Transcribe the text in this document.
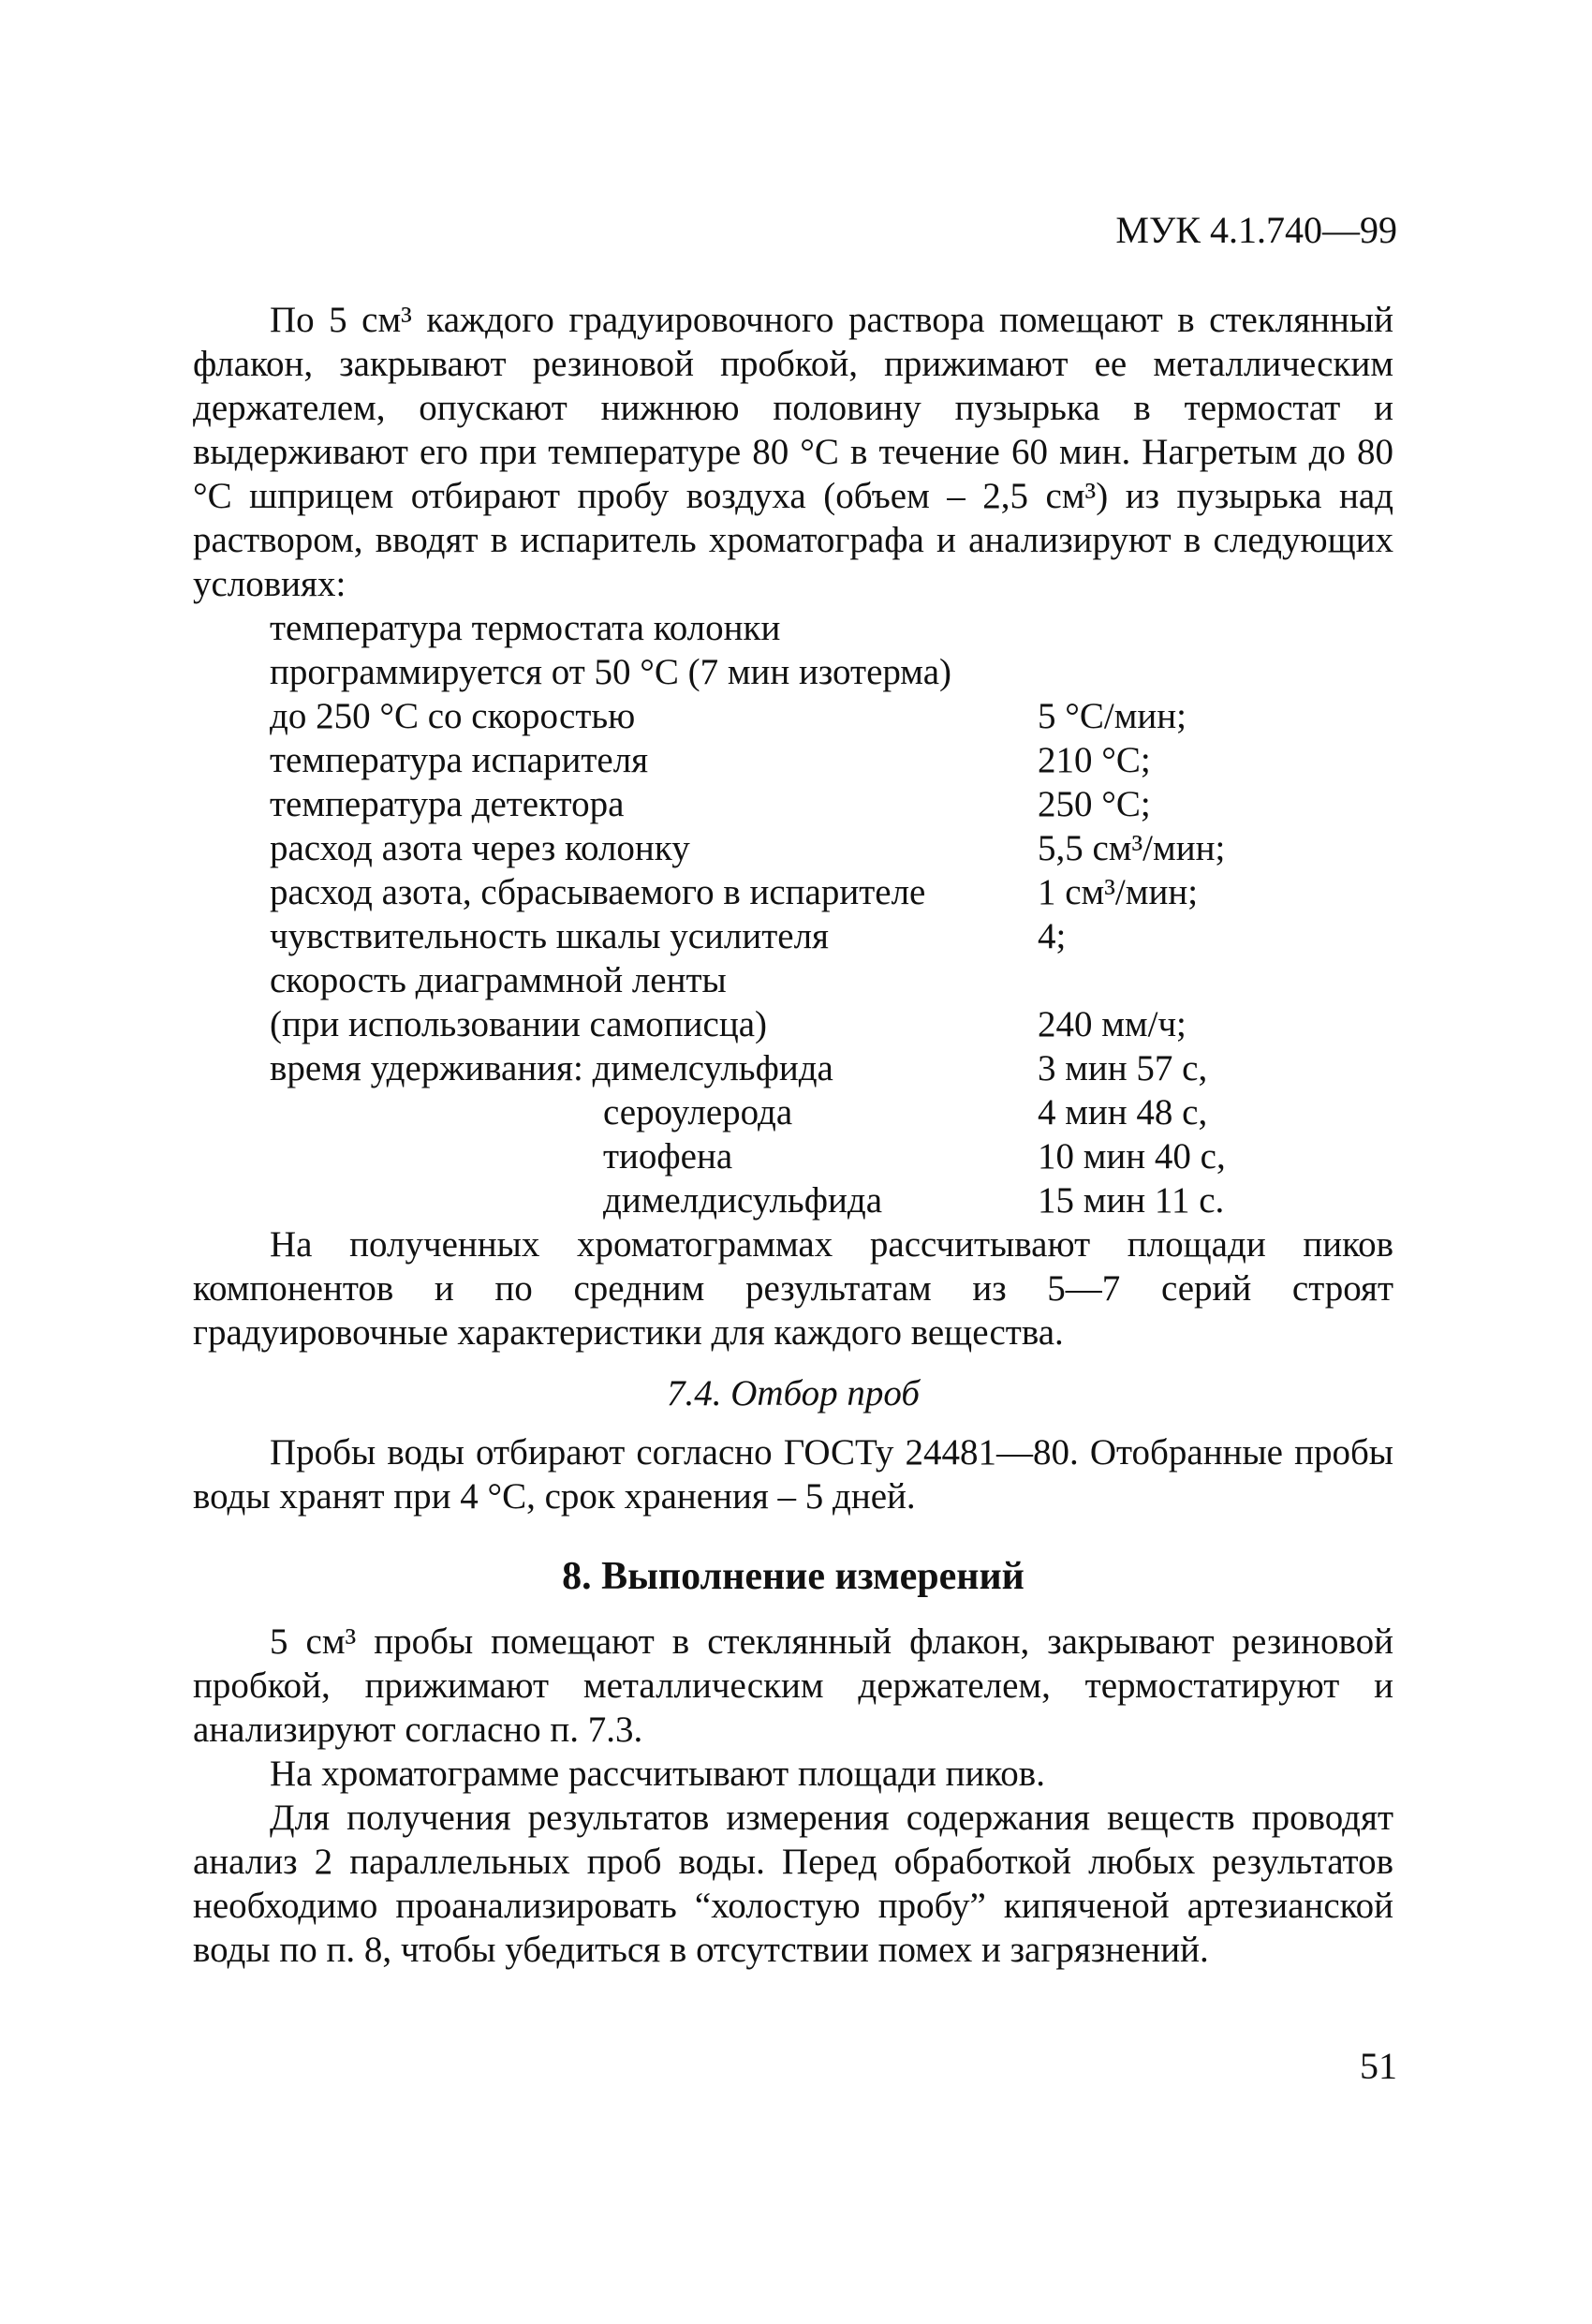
МУК 4.1.740—99

По 5 см³ каждого градуировочного раствора помещают в стеклянный флакон, закрывают резиновой пробкой, прижимают ее металлическим держателем, опускают нижнюю половину пузырька в термостат и выдерживают его при температуре 80 °С в течение 60 мин. Нагретым до 80 °С шприцем отбирают пробу воздуха (объем – 2,5 см³) из пузырька над раствором, вводят в испаритель хроматографа и анализируют в следующих условиях:

температура термостата колонки
программируется от 50 °С (7 мин изотерма)
до 250 °С со скоростью	5 °С/мин;
температура испарителя	210 °С;
температура детектора	250 °С;
расход азота через колонку	5,5 см³/мин;
расход азота, сбрасываемого в испарителе	1 см³/мин;
чувствительность шкалы усилителя	4;
скорость диаграммной ленты
(при использовании самописца)	240 мм/ч;
время удерживания: димелсульфида	3 мин 57 с,
сероулерода	4 мин 48 с,
тиофена	10 мин 40 с,
димелдисульфида	15 мин 11 с.

На полученных хроматограммах рассчитывают площади пиков компонентов и по средним результатам из 5—7 серий строят градуировочные характеристики для каждого вещества.

7.4. Отбор проб

Пробы воды отбирают согласно ГОСТу 24481—80. Отобранные пробы воды хранят при 4 °С, срок хранения – 5 дней.

8. Выполнение измерений

5 см³ пробы помещают в стеклянный флакон, закрывают резиновой пробкой, прижимают металлическим держателем, термостатируют и анализируют согласно п. 7.3.

На хроматограмме рассчитывают площади пиков.

Для получения результатов измерения содержания веществ проводят анализ 2 параллельных проб воды. Перед обработкой любых результатов необходимо проанализировать “холостую пробу” кипяченой артезианской воды по п. 8, чтобы убедиться в отсутствии помех и загрязнений.

51
